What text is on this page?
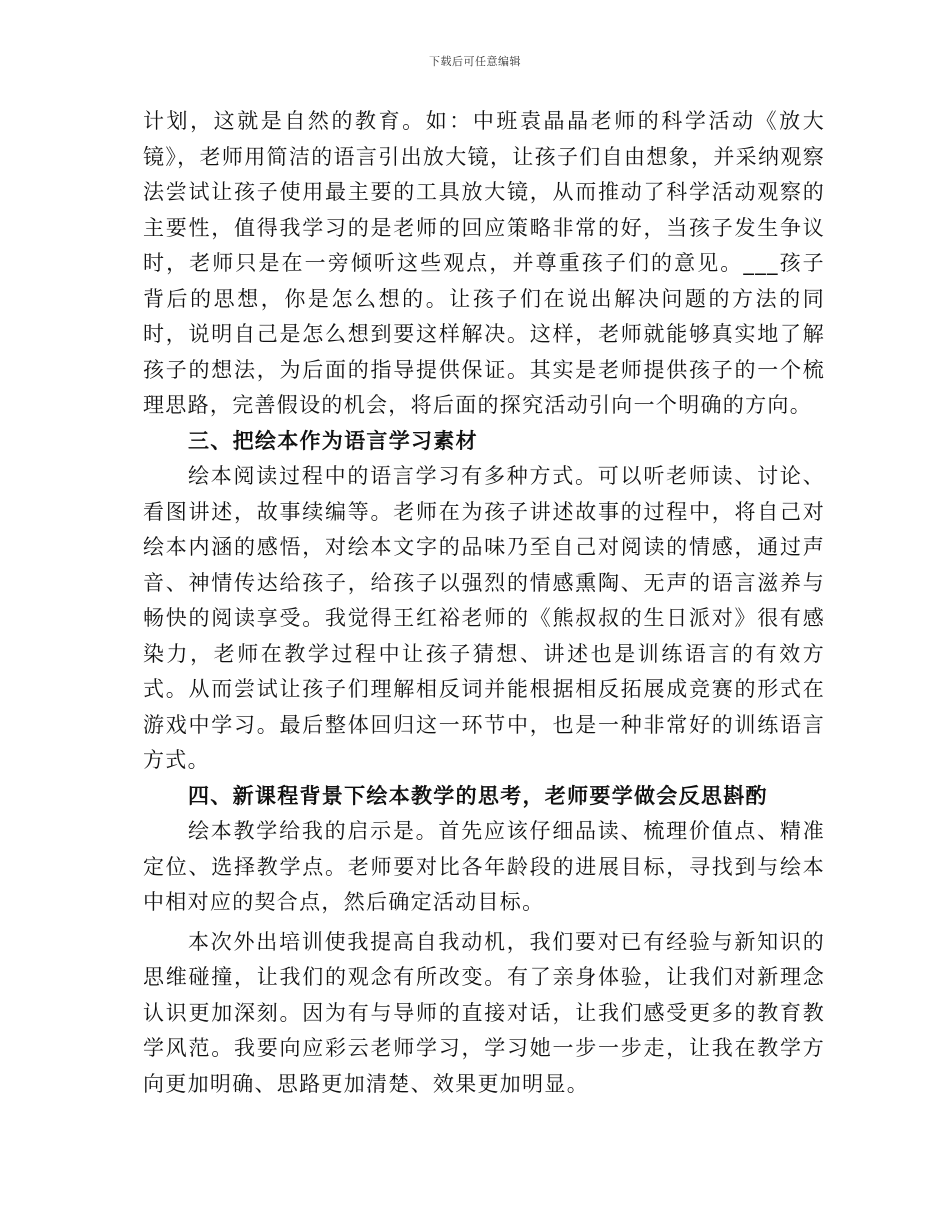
下载后可任意编辑

计划，这就是自然的教育。如：中班袁晶晶老师的科学活动《放大镜》，老师用简洁的语言引出放大镜，让孩子们自由想象，并采纳观察法尝试让孩子使用最主要的工具放大镜，从而推动了科学活动观察的主要性，值得我学习的是老师的回应策略非常的好，当孩子发生争议时，老师只是在一旁倾听这些观点，并尊重孩子们的意见。___孩子背后的思想，你是怎么想的。让孩子们在说出解决问题的方法的同时，说明自己是怎么想到要这样解决。这样，老师就能够真实地了解孩子的想法，为后面的指导提供保证。其实是老师提供孩子的一个梳理思路，完善假设的机会，将后面的探究活动引向一个明确的方向。

三、把绘本作为语言学习素材

绘本阅读过程中的语言学习有多种方式。可以听老师读、讨论、看图讲述，故事续编等。老师在为孩子讲述故事的过程中，将自己对绘本内涵的感悟，对绘本文字的品味乃至自己对阅读的情感，通过声音、神情传达给孩子，给孩子以强烈的情感熏陶、无声的语言滋养与畅快的阅读享受。我觉得王红裕老师的《熊叔叔的生日派对》很有感染力，老师在教学过程中让孩子猜想、讲述也是训练语言的有效方式。从而尝试让孩子们理解相反词并能根据相反拓展成竞赛的形式在游戏中学习。最后整体回归这一环节中，也是一种非常好的训练语言方式。

四、新课程背景下绘本教学的思考，老师要学做会反思斟酌

绘本教学给我的启示是。首先应该仔细品读、梳理价值点、精准定位、选择教学点。老师要对比各年龄段的进展目标，寻找到与绘本中相对应的契合点，然后确定活动目标。

本次外出培训使我提高自我动机，我们要对已有经验与新知识的思维碰撞，让我们的观念有所改变。有了亲身体验，让我们对新理念认识更加深刻。因为有与导师的直接对话，让我们感受更多的教育教学风范。我要向应彩云老师学习，学习她一步一步走，让我在教学方向更加明确、思路更加清楚、效果更加明显。
